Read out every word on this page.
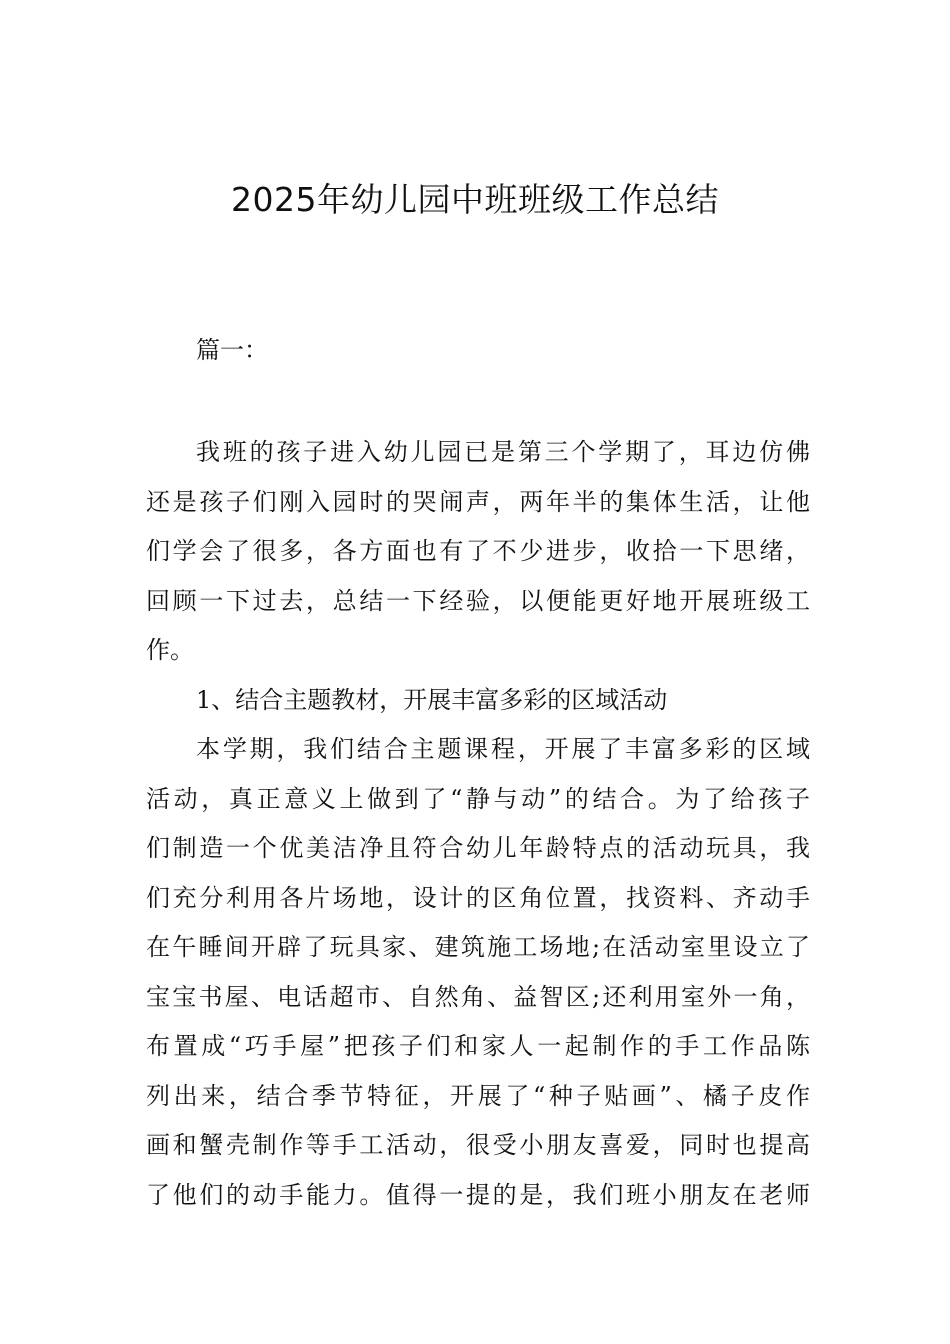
2025年幼儿园中班班级工作总结
篇一：
我班的孩子进入幼儿园已是第三个学期了，耳边仿佛
还是孩子们刚入园时的哭闹声，两年半的集体生活，让他
们学会了很多，各方面也有了不少进步，收拾一下思绪，
回顾一下过去，总结一下经验，以便能更好地开展班级工
作。
1、结合主题教材，开展丰富多彩的区域活动
本学期，我们结合主题课程，开展了丰富多彩的区域
活动，真正意义上做到了“静与动”的结合。为了给孩子
们制造一个优美洁净且符合幼儿年龄特点的活动玩具，我
们充分利用各片场地，设计的区角位置，找资料、齐动手
在午睡间开辟了玩具家、建筑施工场地;在活动室里设立了
宝宝书屋、电话超市、自然角、益智区;还利用室外一角，
布置成“巧手屋”把孩子们和家人一起制作的手工作品陈
列出来，结合季节特征，开展了“种子贴画”、橘子皮作
画和蟹壳制作等手工活动，很受小朋友喜爱，同时也提高
了他们的动手能力。值得一提的是，我们班小朋友在老师
